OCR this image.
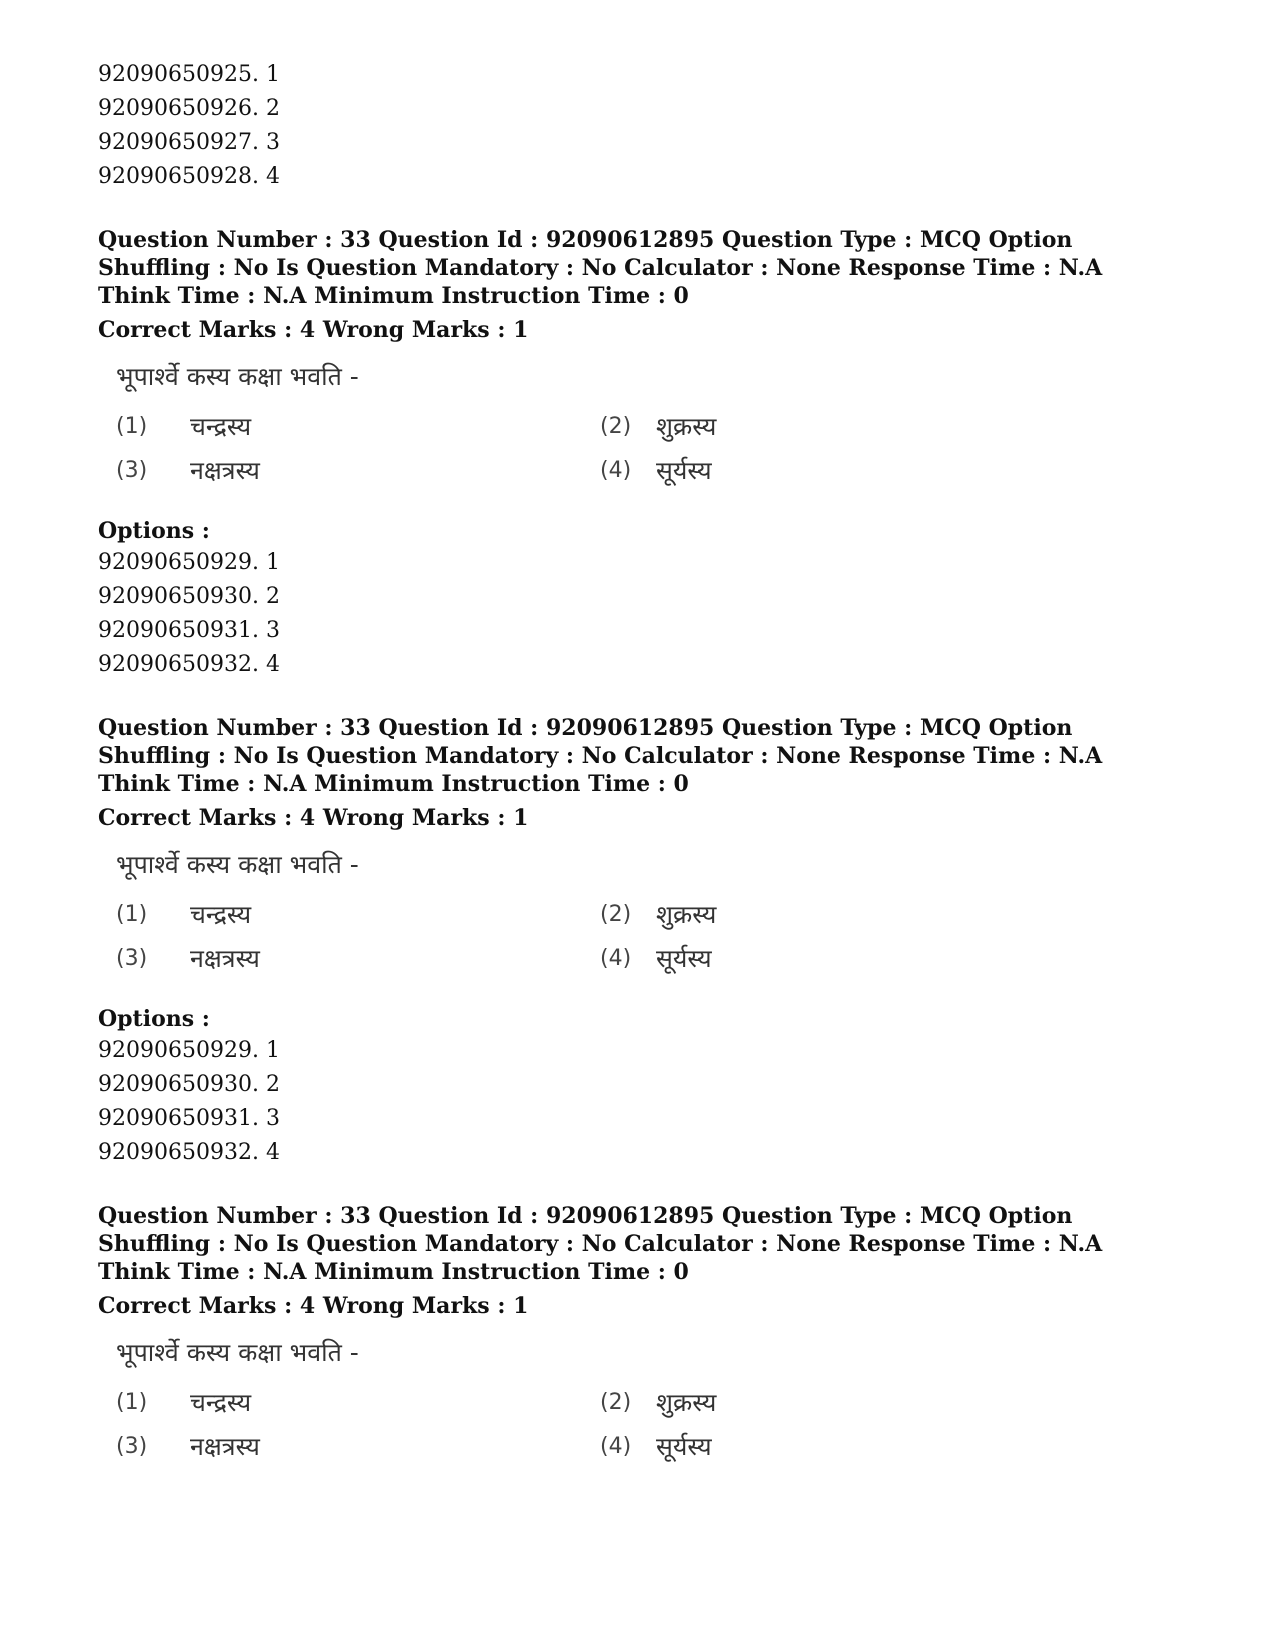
92090650925. 1
92090650926. 2
92090650927. 3
92090650928. 4
Question Number : 33 Question Id : 92090612895 Question Type : MCQ Option Shuffling : No Is Question Mandatory : No Calculator : None Response Time : N.A Think Time : N.A Minimum Instruction Time : 0
Correct Marks : 4 Wrong Marks : 1
भूपार्श्वे कस्य कक्षा भवति -
(1)	चन्द्रस्य	(2) शुक्रस्य
(3)	नक्षत्रस्य	(4) सूर्यस्य
Options :
92090650929. 1
92090650930. 2
92090650931. 3
92090650932. 4
Question Number : 33 Question Id : 92090612895 Question Type : MCQ Option Shuffling : No Is Question Mandatory : No Calculator : None Response Time : N.A Think Time : N.A Minimum Instruction Time : 0
Correct Marks : 4 Wrong Marks : 1
भूपार्श्वे कस्य कक्षा भवति -
(1)	चन्द्रस्य	(2) शुक्रस्य
(3)	नक्षत्रस्य	(4) सूर्यस्य
Options :
92090650929. 1
92090650930. 2
92090650931. 3
92090650932. 4
Question Number : 33 Question Id : 92090612895 Question Type : MCQ Option Shuffling : No Is Question Mandatory : No Calculator : None Response Time : N.A Think Time : N.A Minimum Instruction Time : 0
Correct Marks : 4 Wrong Marks : 1
भूपार्श्वे कस्य कक्षा भवति -
(1)	चन्द्रस्य	(2) शुक्रस्य
(3)	नक्षत्रस्य	(4) सूर्यस्य
